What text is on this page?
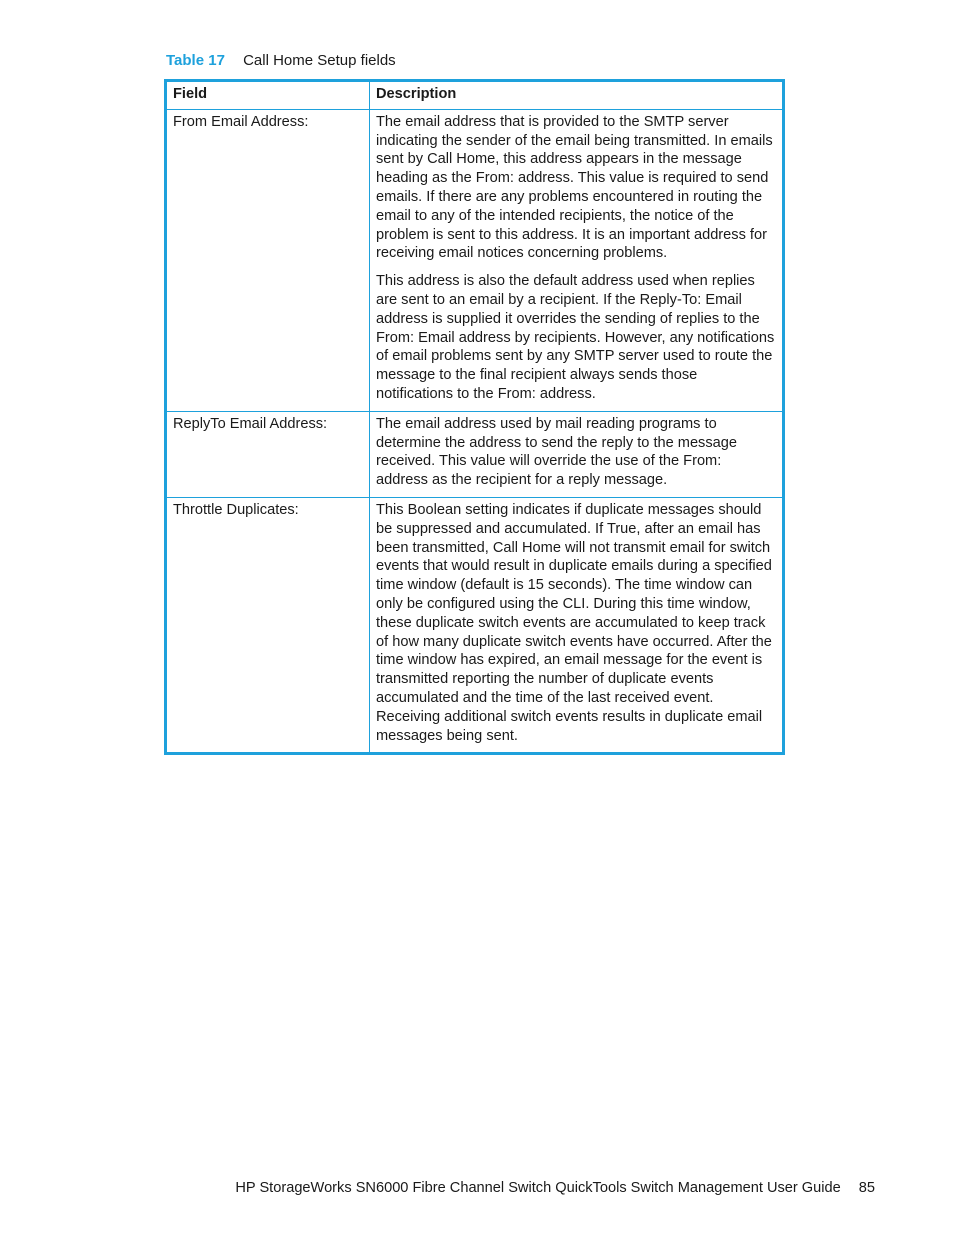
Table 17 Call Home Setup fields
Field	Description
From Email Address:	The email address that is provided to the SMTP server indicating the sender of the email being transmitted. In emails sent by Call Home, this address appears in the message heading as the From: address. This value is required to send emails. If there are any problems encountered in routing the email to any of the intended recipients, the notice of the problem is sent to this address. It is an important address for receiving email notices concerning problems.

This address is also the default address used when replies are sent to an email by a recipient. If the Reply-To: Email address is supplied it overrides the sending of replies to the From: Email address by recipients. However, any notifications of email problems sent by any SMTP server used to route the message to the final recipient always sends those notifications to the From: address.

ReplyTo Email Address:	The email address used by mail reading programs to determine the address to send the reply to the message received. This value will override the use of the From: address as the recipient for a reply message.

Throttle Duplicates:	This Boolean setting indicates if duplicate messages should be suppressed and accumulated. If True, after an email has been transmitted, Call Home will not transmit email for switch events that would result in duplicate emails during a specified time window (default is 15 seconds). The time window can only be configured using the CLI. During this time window, these duplicate switch events are accumulated to keep track of how many duplicate switch events have occurred. After the time window has expired, an email message for the event is transmitted reporting the number of duplicate events accumulated and the time of the last received event. Receiving additional switch events results in duplicate email messages being sent.

HP StorageWorks SN6000 Fibre Channel Switch QuickTools Switch Management User Guide 85
